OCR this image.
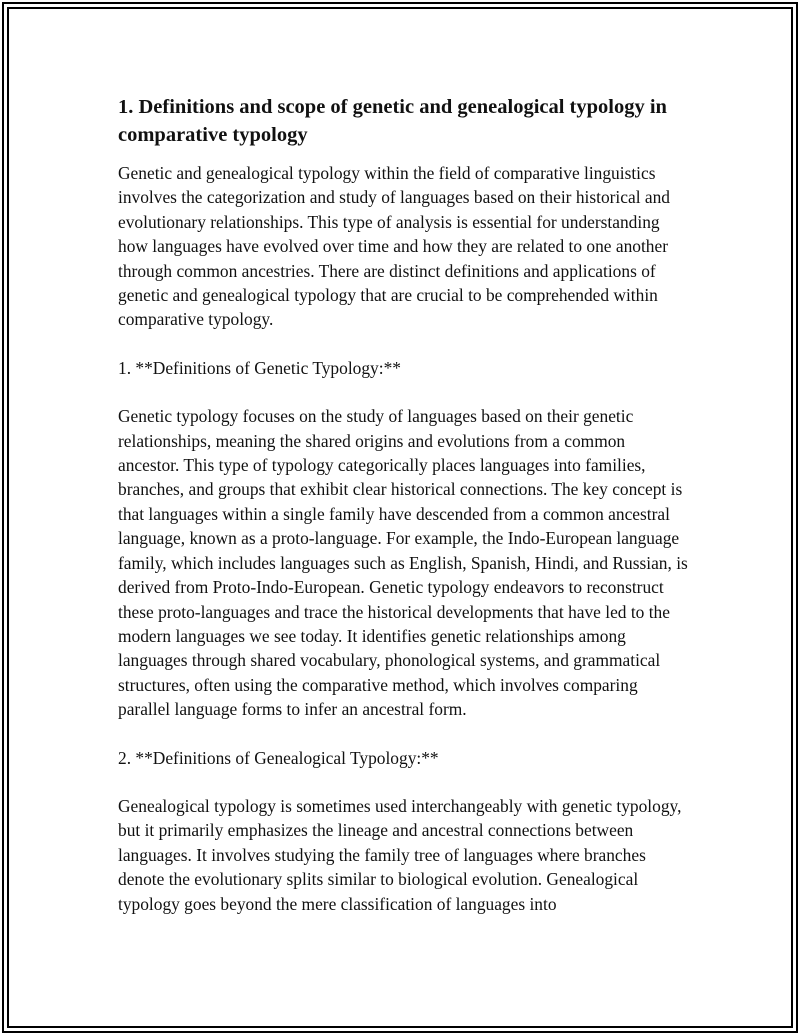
1. Definitions and scope of genetic and genealogical typology in comparative typology

Genetic and genealogical typology within the field of comparative linguistics involves the categorization and study of languages based on their historical and evolutionary relationships. This type of analysis is essential for understanding how languages have evolved over time and how they are related to one another through common ancestries. There are distinct definitions and applications of genetic and genealogical typology that are crucial to be comprehended within comparative typology.

1. **Definitions of Genetic Typology:**

Genetic typology focuses on the study of languages based on their genetic relationships, meaning the shared origins and evolutions from a common ancestor. This type of typology categorically places languages into families, branches, and groups that exhibit clear historical connections. The key concept is that languages within a single family have descended from a common ancestral language, known as a proto-language. For example, the Indo-European language family, which includes languages such as English, Spanish, Hindi, and Russian, is derived from Proto-Indo-European. Genetic typology endeavors to reconstruct these proto-languages and trace the historical developments that have led to the modern languages we see today. It identifies genetic relationships among languages through shared vocabulary, phonological systems, and grammatical structures, often using the comparative method, which involves comparing parallel language forms to infer an ancestral form.

2. **Definitions of Genealogical Typology:**

Genealogical typology is sometimes used interchangeably with genetic typology, but it primarily emphasizes the lineage and ancestral connections between languages. It involves studying the family tree of languages where branches denote the evolutionary splits similar to biological evolution. Genealogical typology goes beyond the mere classification of languages into
